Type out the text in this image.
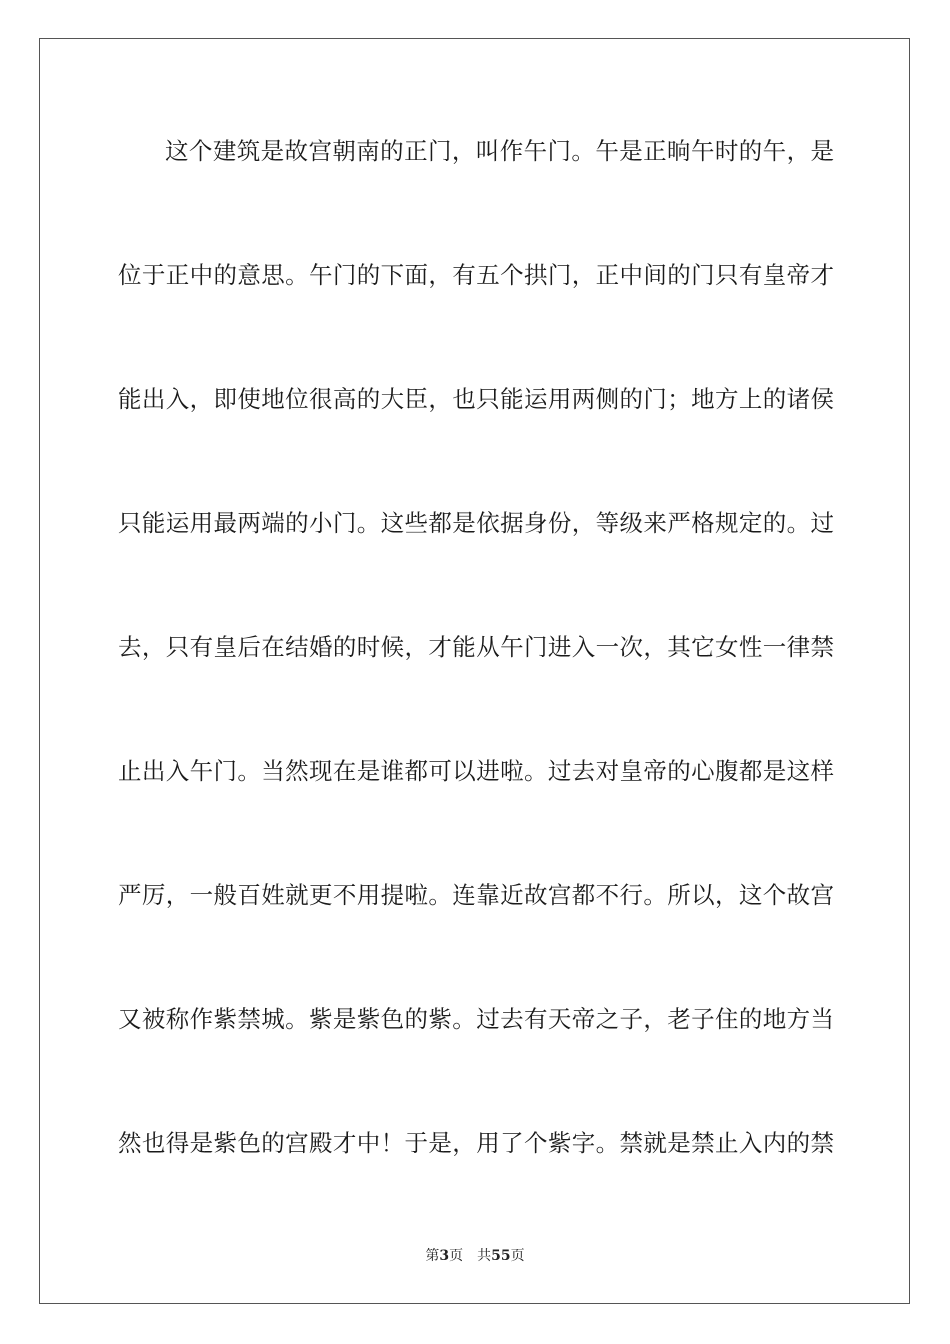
这个建筑是故宫朝南的正门，叫作午门。午是正晌午时的午，是
位于正中的意思。午门的下面，有五个拱门，正中间的门只有皇帝才
能出入，即使地位很高的大臣，也只能运用两侧的门；地方上的诸侯
只能运用最两端的小门。这些都是依据身份，等级来严格规定的。过
去，只有皇后在结婚的时候，才能从午门进入一次，其它女性一律禁
止出入午门。当然现在是谁都可以进啦。过去对皇帝的心腹都是这样
严厉，一般百姓就更不用提啦。连靠近故宫都不行。所以，这个故宫
又被称作紫禁城。紫是紫色的紫。过去有天帝之子，老子住的地方当
然也得是紫色的宫殿才中！于是，用了个紫字。禁就是禁止入内的禁
第3页 共55页
